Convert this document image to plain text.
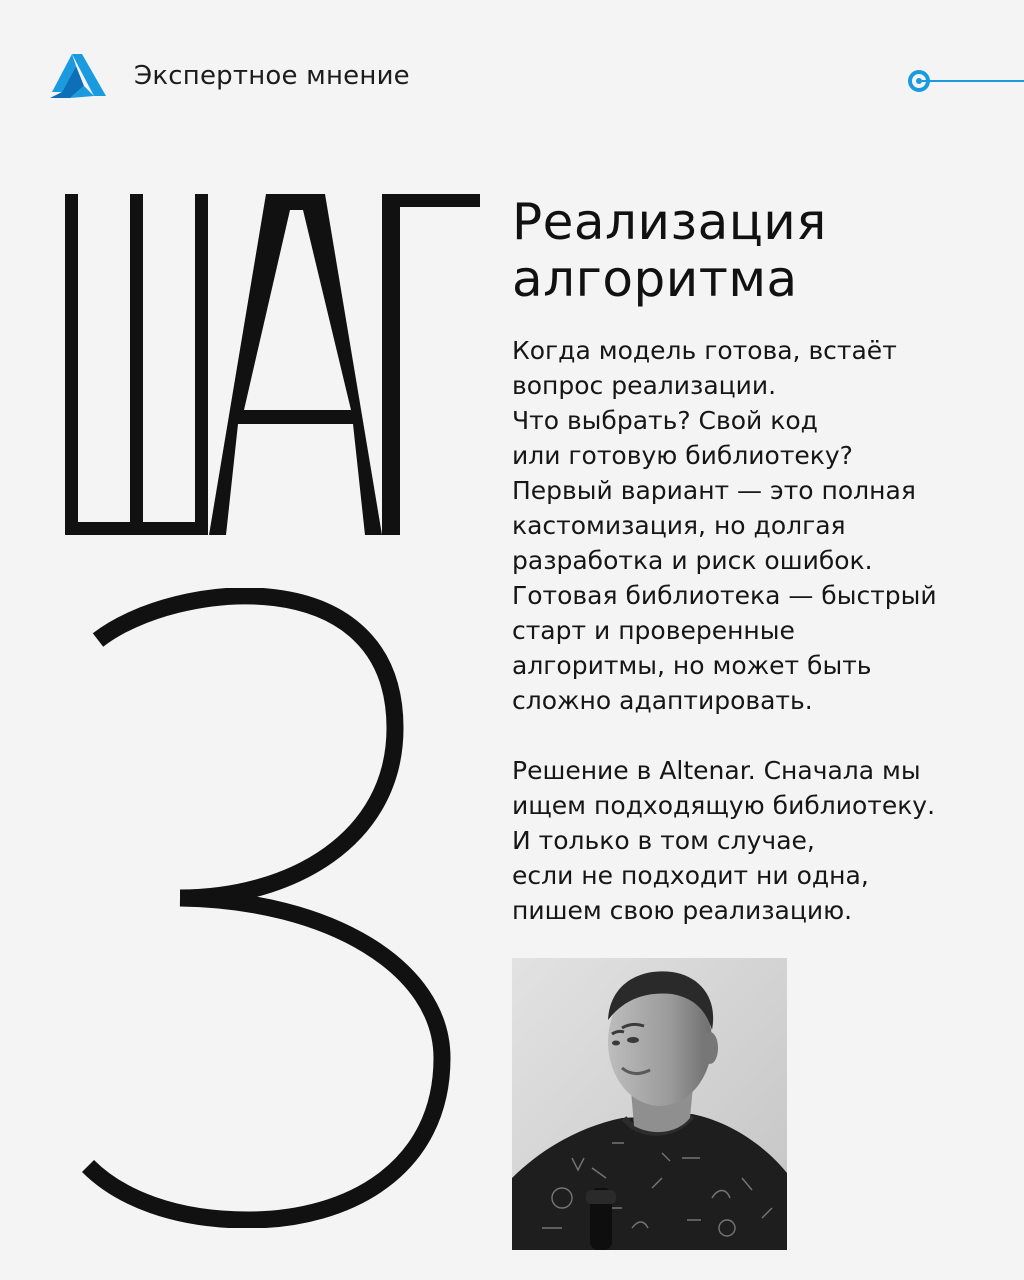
Экспертное мнение
Реализация
алгоритма
Когда модель готова, встаёт
вопрос реализации.
Что выбрать? Свой код
или готовую библиотеку?
Первый вариант — это полная
кастомизация, но долгая
разработка и риск ошибок.
Готовая библиотека — быстрый
старт и проверенные
алгоритмы, но может быть
сложно адаптировать.
Решение в Altenar. Сначала мы
ищем подходящую библиотеку.
И только в том случае,
если не подходит ни одна,
пишем свою реализацию.
